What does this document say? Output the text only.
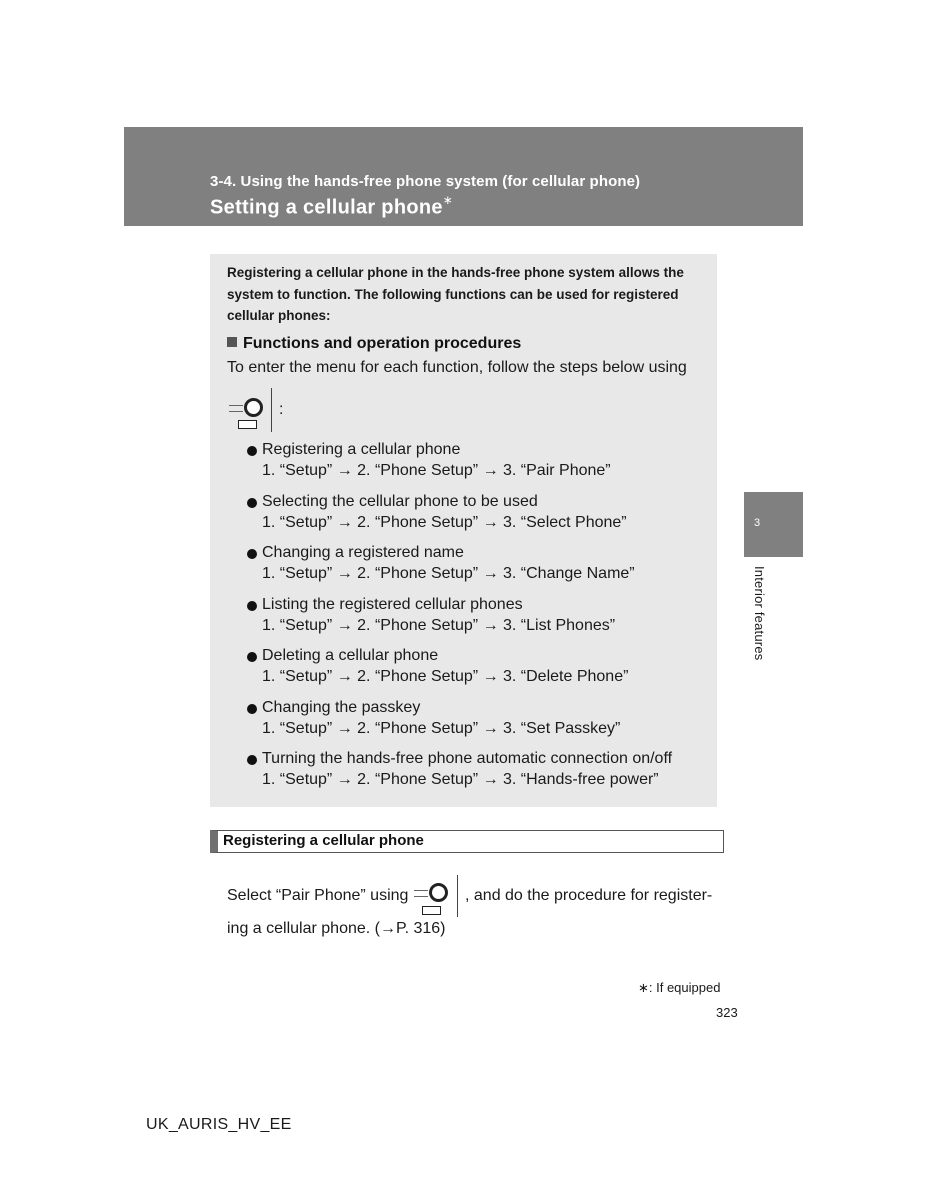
3-4. Using the hands-free phone system (for cellular phone)
Setting a cellular phone∗
3
Interior features
Registering a cellular phone in the hands-free phone system allows the system to function. The following functions can be used for registered cellular phones:
Functions and operation procedures
To enter the menu for each function, follow the steps below using
:
Registering a cellular phone
1. “Setup” → 2. “Phone Setup” → 3. “Pair Phone”
Selecting the cellular phone to be used
1. “Setup” → 2. “Phone Setup” → 3. “Select Phone”
Changing a registered name
1. “Setup” → 2. “Phone Setup” → 3. “Change Name”
Listing the registered cellular phones
1. “Setup” → 2. “Phone Setup” → 3. “List Phones”
Deleting a cellular phone
1. “Setup” → 2. “Phone Setup” → 3. “Delete Phone”
Changing the passkey
1. “Setup” → 2. “Phone Setup” → 3. “Set Passkey”
Turning the hands-free phone automatic connection on/off
1. “Setup” → 2. “Phone Setup” → 3. “Hands-free power”
Registering a cellular phone
Select “Pair Phone” using	, and do the procedure for register-
ing a cellular phone. (→P. 316)
∗: If equipped
323
UK_AURIS_HV_EE
